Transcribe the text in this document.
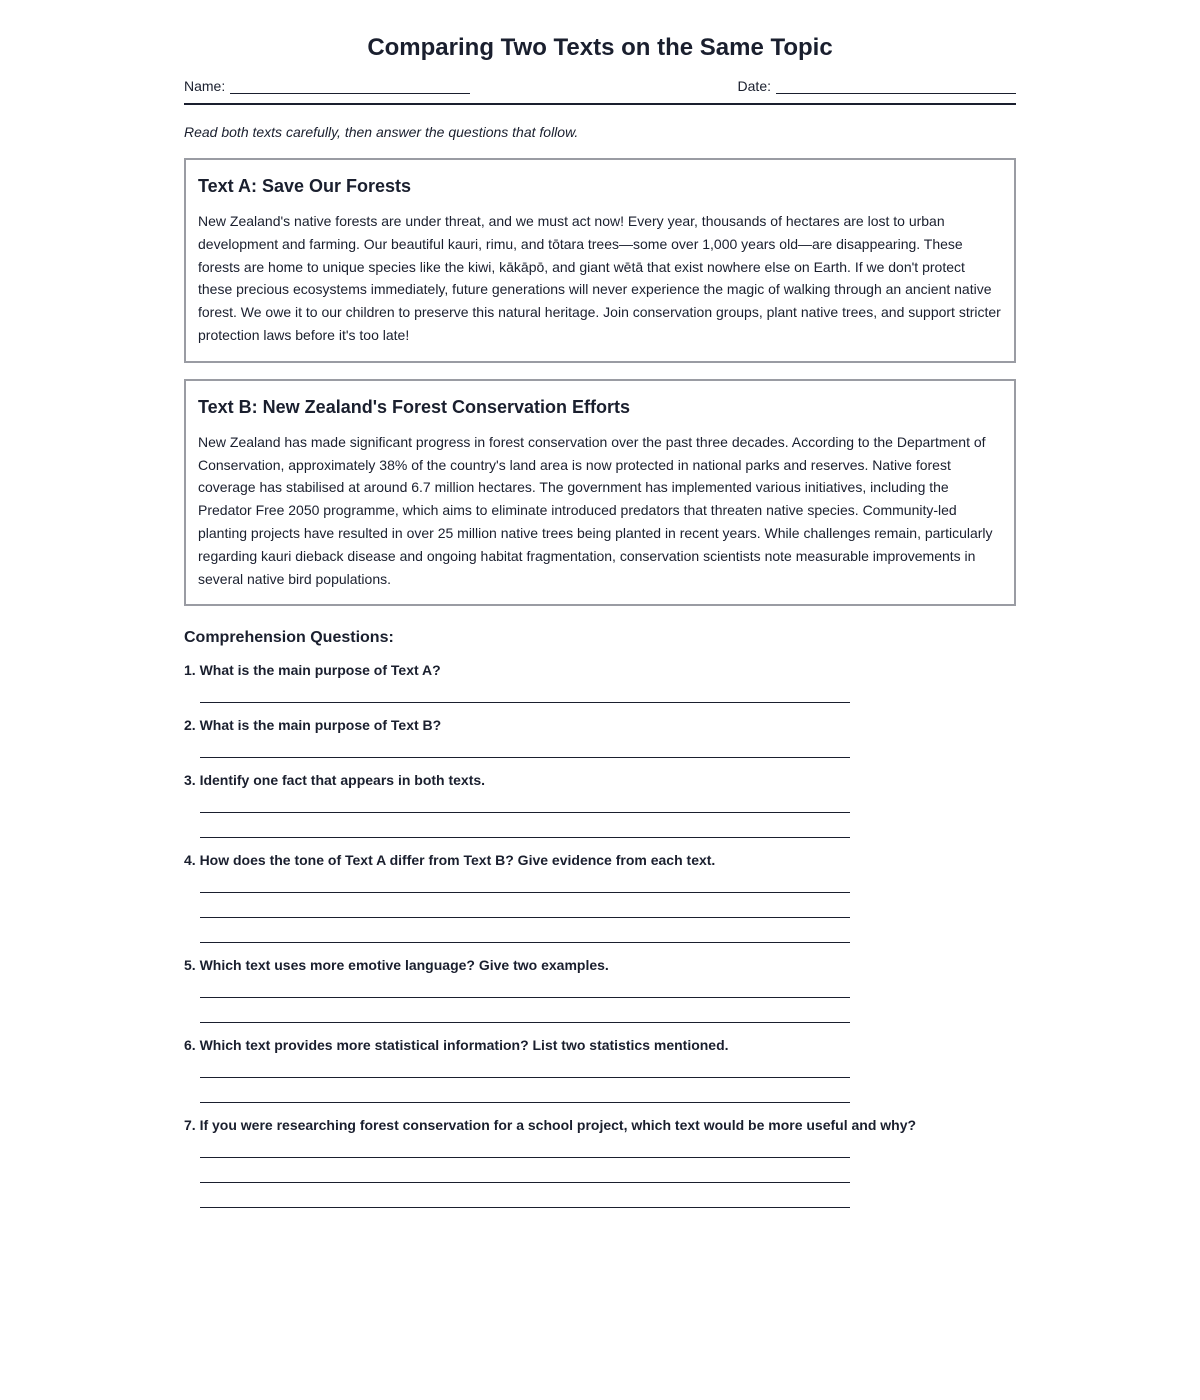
Comparing Two Texts on the Same Topic
Name:	Date:

Read both texts carefully, then answer the questions that follow.

Text A: Save Our Forests

New Zealand's native forests are under threat, and we must act now! Every year, thousands of hectares are lost to urban development and farming. Our beautiful kauri, rimu, and tōtara trees—some over 1,000 years old—are disappearing. These forests are home to unique species like the kiwi, kākāpō, and giant wētā that exist nowhere else on Earth. If we don't protect these precious ecosystems immediately, future generations will never experience the magic of walking through an ancient native forest. We owe it to our children to preserve this natural heritage. Join conservation groups, plant native trees, and support stricter protection laws before it's too late!

Text B: New Zealand's Forest Conservation Efforts

New Zealand has made significant progress in forest conservation over the past three decades. According to the Department of Conservation, approximately 38% of the country's land area is now protected in national parks and reserves. Native forest coverage has stabilised at around 6.7 million hectares. The government has implemented various initiatives, including the Predator Free 2050 programme, which aims to eliminate introduced predators that threaten native species. Community-led planting projects have resulted in over 25 million native trees being planted in recent years. While challenges remain, particularly regarding kauri dieback disease and ongoing habitat fragmentation, conservation scientists note measurable improvements in several native bird populations.

Comprehension Questions:

1. What is the main purpose of Text A?

2. What is the main purpose of Text B?

3. Identify one fact that appears in both texts.

4. How does the tone of Text A differ from Text B? Give evidence from each text.

5. Which text uses more emotive language? Give two examples.

6. Which text provides more statistical information? List two statistics mentioned.

7. If you were researching forest conservation for a school project, which text would be more useful and why?
